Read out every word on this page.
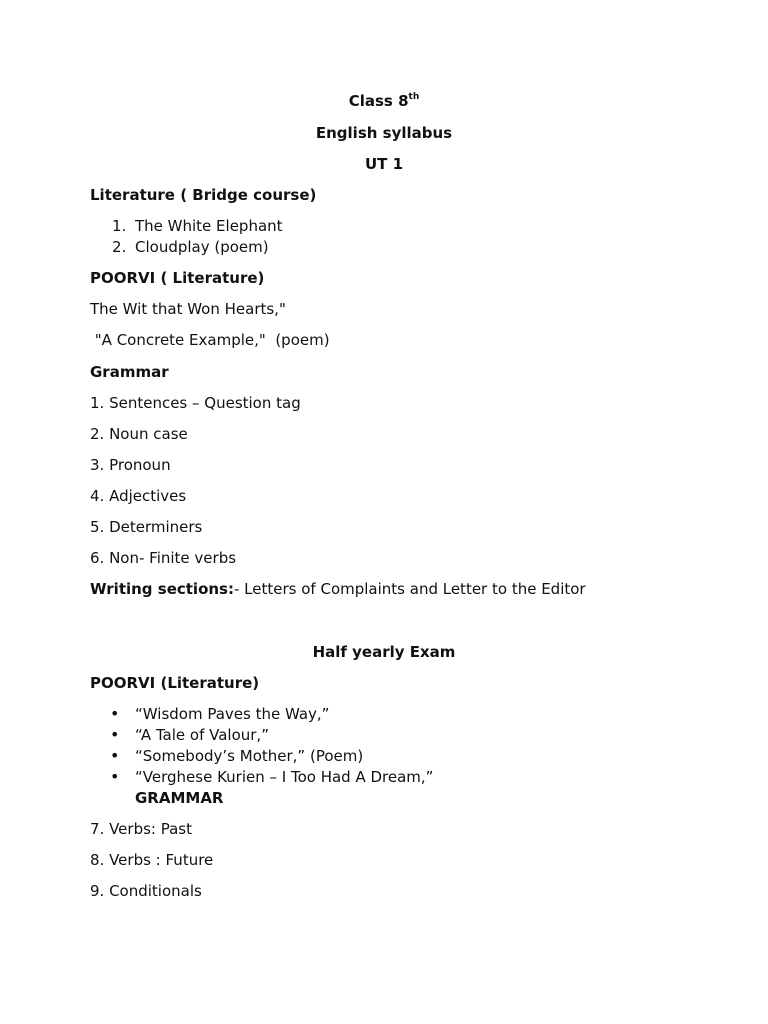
Class 8th
English syllabus
UT 1
Literature ( Bridge course)
1. The White Elephant
2. Cloudplay (poem)
POORVI ( Literature)
The Wit that Won Hearts,"
"A Concrete Example,"  (poem)
Grammar
1. Sentences – Question tag
2. Noun case
3. Pronoun
4. Adjectives
5. Determiners
6. Non- Finite verbs
Writing sections:- Letters of Complaints and Letter to the Editor
Half yearly Exam
POORVI (Literature)
•	“Wisdom Paves the Way,”
•	“A Tale of Valour,”
•	“Somebody’s Mother,” (Poem)
•	“Verghese Kurien – I Too Had A Dream,”
GRAMMAR
7. Verbs: Past
8. Verbs : Future
9. Conditionals
